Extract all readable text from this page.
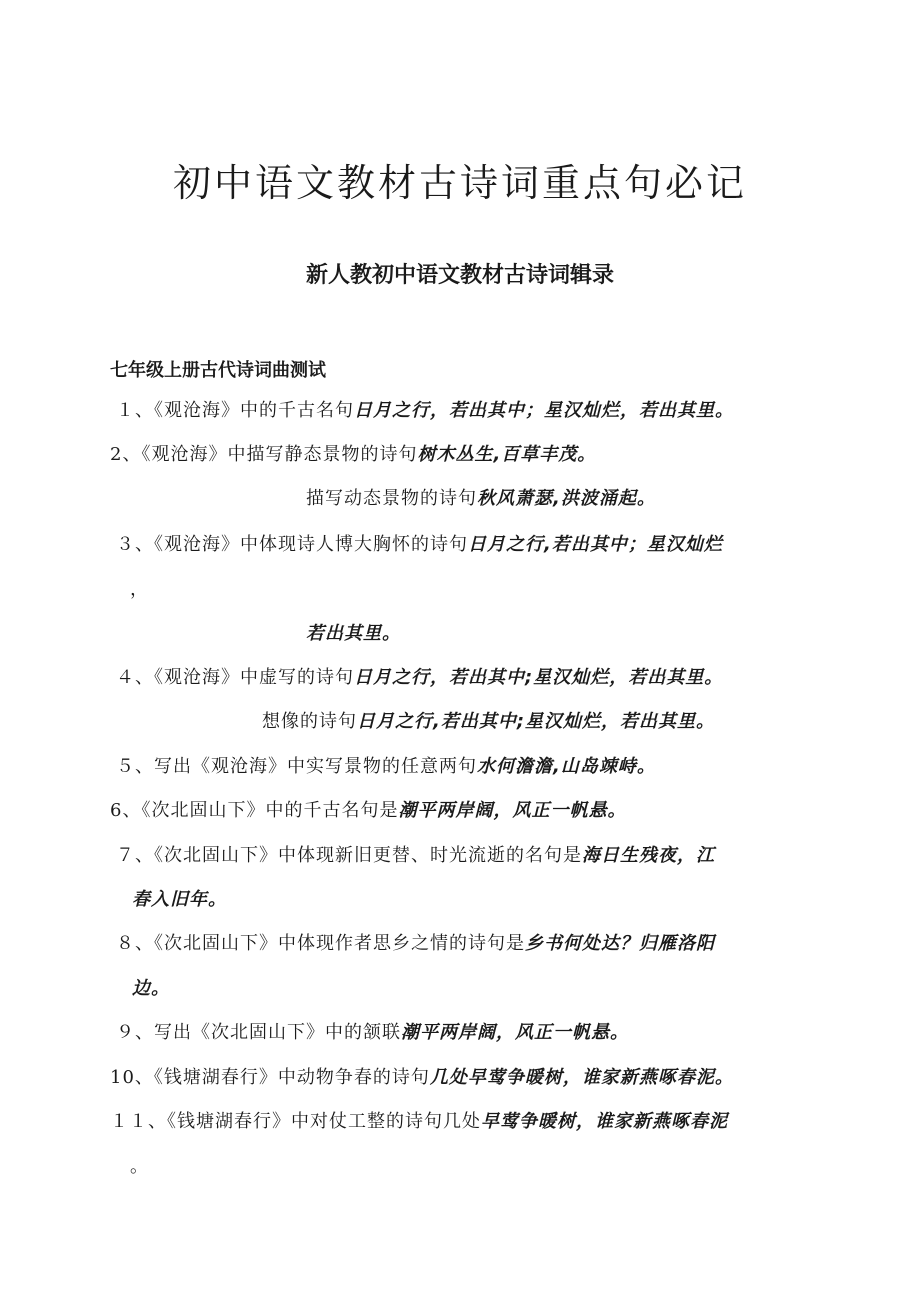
初中语文教材古诗词重点句必记
新人教初中语文教材古诗词辑录
七年级上册古代诗词曲测试
１、《观沧海》中的千古名句日月之行，若出其中；星汉灿烂，若出其里。
2、《观沧海》中描写静态景物的诗句树木丛生,百草丰茂。
描写动态景物的诗句秋风萧瑟,洪波涌起。
３、《观沧海》中体现诗人博大胸怀的诗句日月之行,若出其中；星汉灿烂
，
若出其里。
４、《观沧海》中虚写的诗句日月之行，若出其中;星汉灿烂，若出其里。
想像的诗句日月之行,若出其中;星汉灿烂，若出其里。
５、写出《观沧海》中实写景物的任意两句水何澹澹,山岛竦峙。
6、《次北固山下》中的千古名句是潮平两岸阔，风正一帆悬。
７、《次北固山下》中体现新旧更替、时光流逝的名句是海日生残夜，江
春入旧年。
８、《次北固山下》中体现作者思乡之情的诗句是乡书何处达？归雁洛阳
边。
９、写出《次北固山下》中的颔联潮平两岸阔，风正一帆悬。
10、《钱塘湖春行》中动物争春的诗句几处早莺争暖树，谁家新燕啄春泥。
１１、《钱塘湖春行》中对仗工整的诗句几处早莺争暖树，谁家新燕啄春泥
。
